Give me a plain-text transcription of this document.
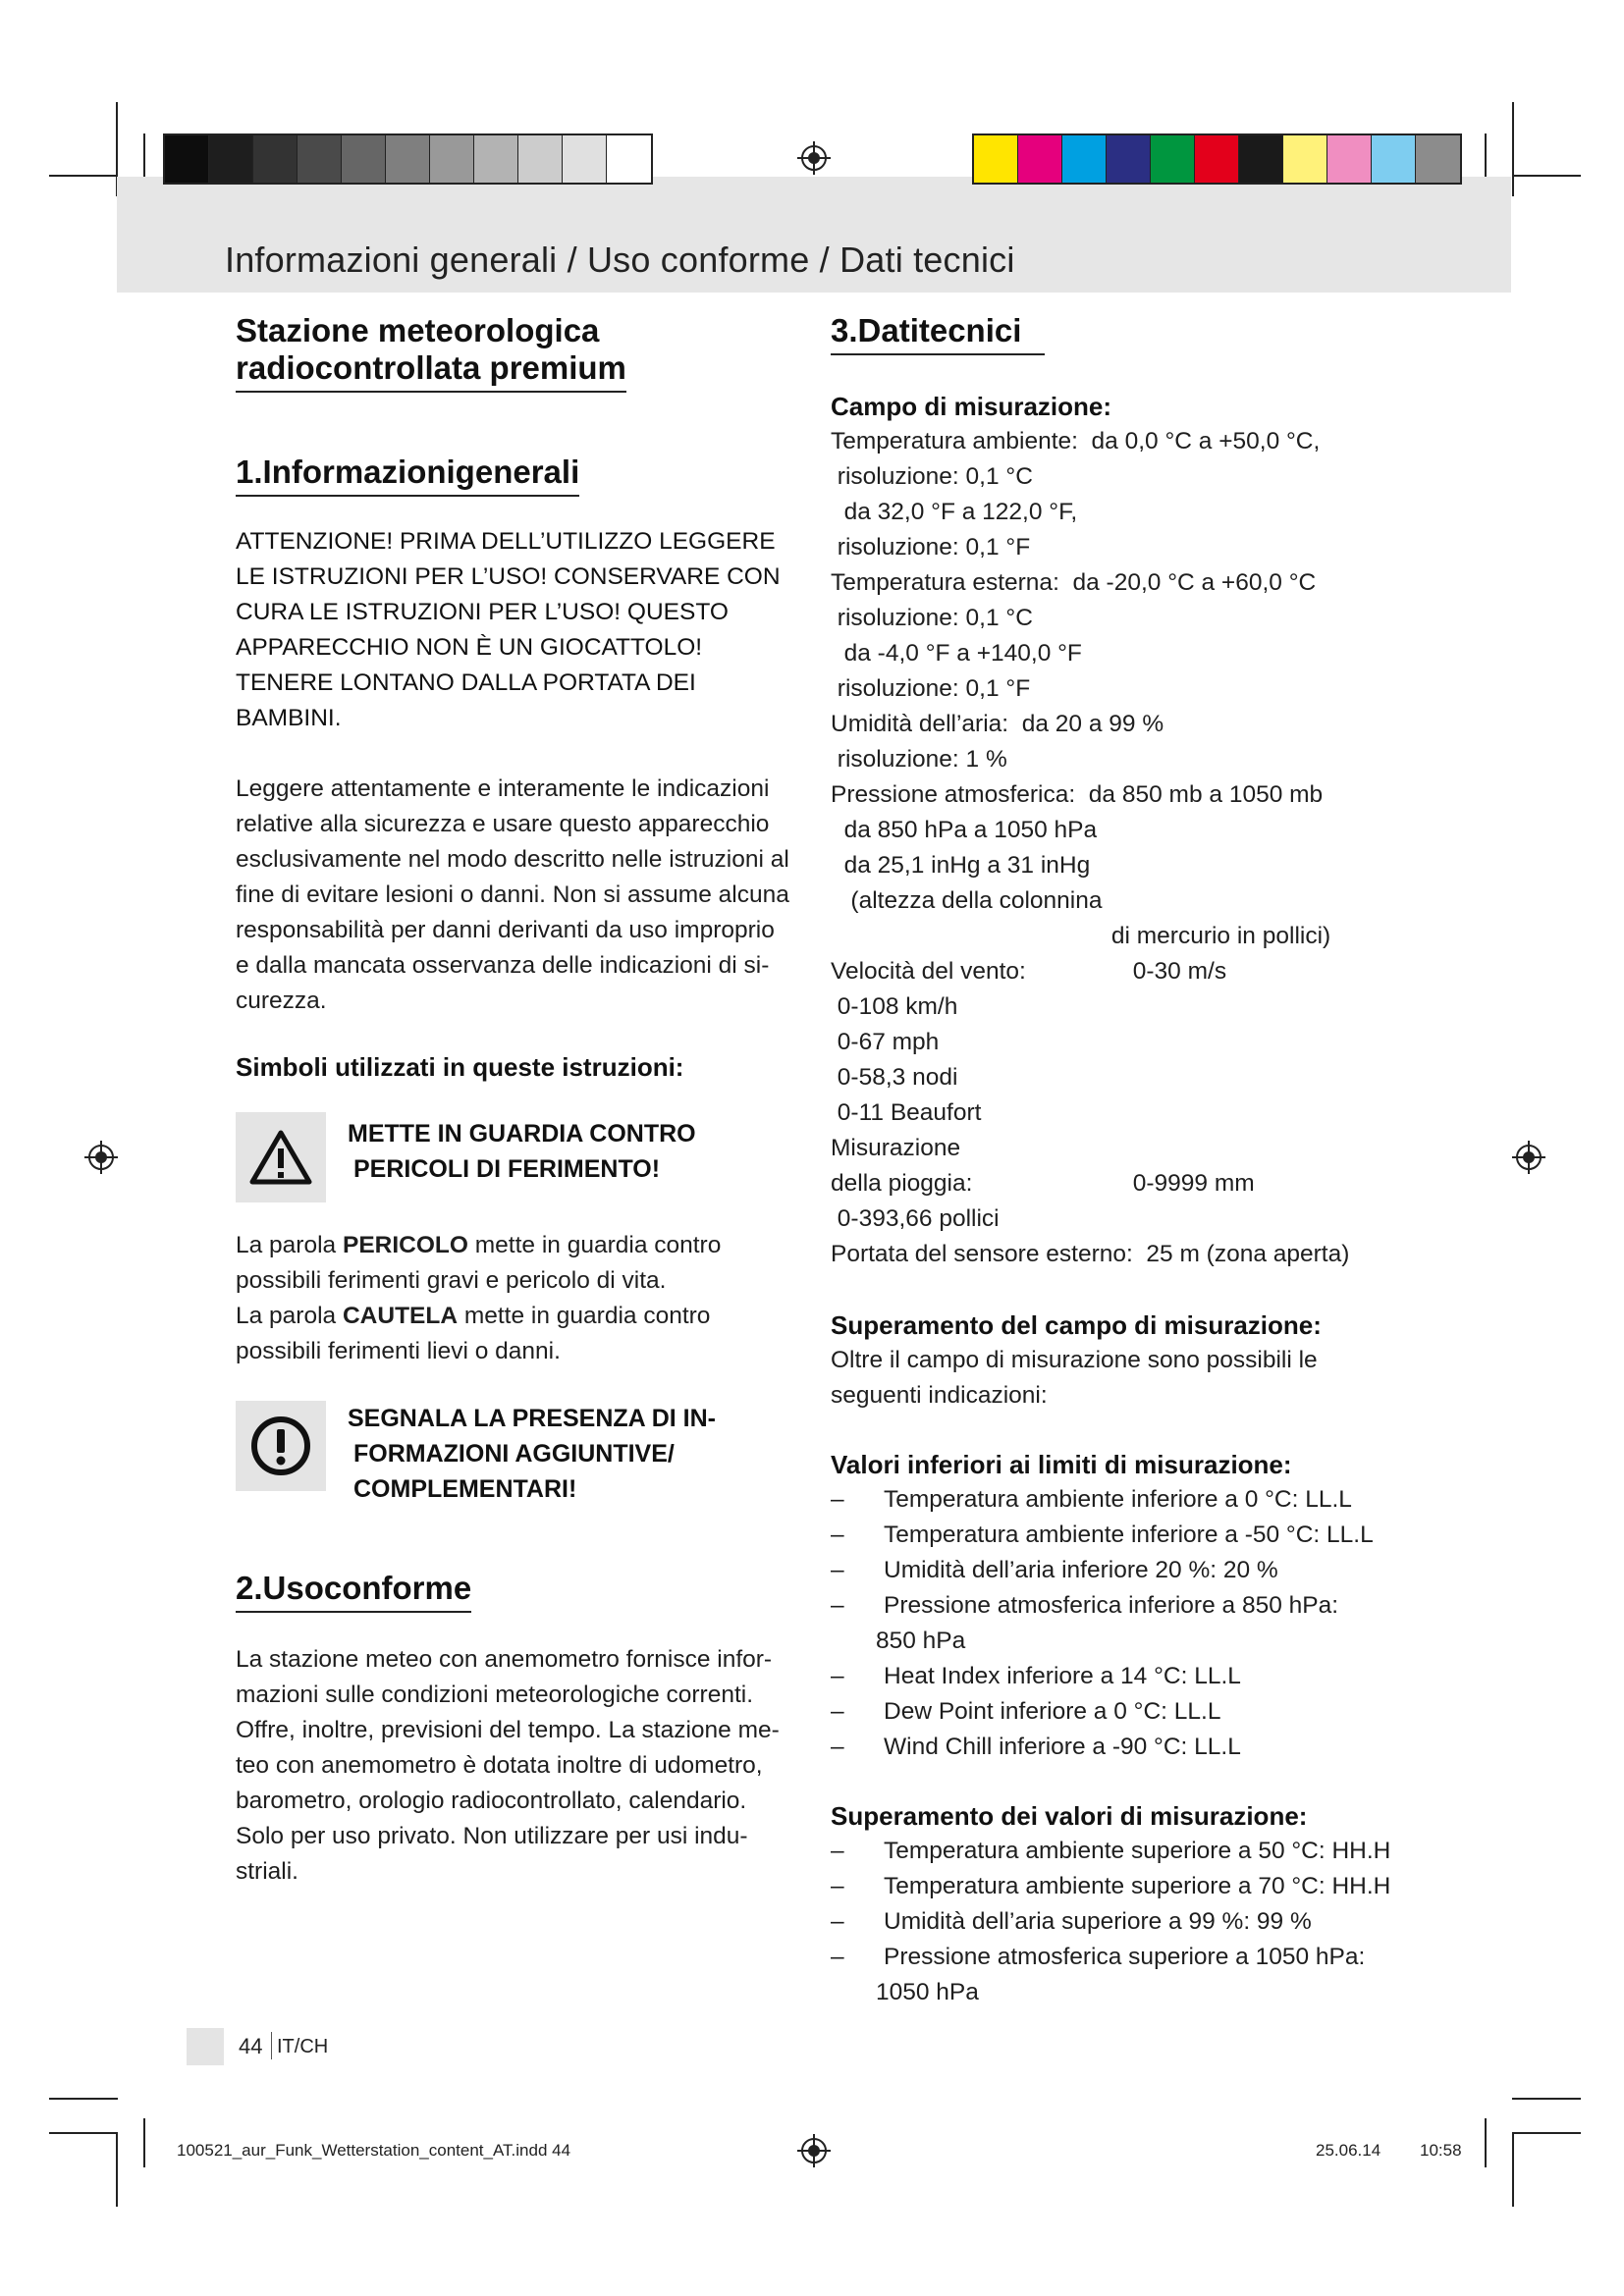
Informazioni generali / Uso conforme / Dati tecnici
Stazione meteorologica
radiocontrollata premium
1.Informazionigenerali
ATTENZIONE! PRIMA DELL’UTILIZZO LEGGERE
LE ISTRUZIONI PER L’USO! CONSERVARE CON
CURA LE ISTRUZIONI PER L’USO! QUESTO
APPARECCHIO NON È UN GIOCATTOLO!
TENERE LONTANO DALLA PORTATA DEI
BAMBINI.
Leggere attentamente e interamente le indicazioni
relative alla sicurezza e usare questo apparecchio
esclusivamente nel modo descritto nelle istruzioni al
fine di evitare lesioni o danni. Non si assume alcuna
responsabilità per danni derivanti da uso improprio
e dalla mancata osservanza delle indicazioni di si-
curezza.
Simboli utilizzati in queste istruzioni:
METTE IN GUARDIA CONTRO
PERICOLI DI FERIMENTO!
La parola PERICOLO mette in guardia contro
possibili ferimenti gravi e pericolo di vita.
La parola CAUTELA mette in guardia contro
possibili ferimenti lievi o danni.
SEGNALA LA PRESENZA DI IN-
FORMAZIONI AGGIUNTIVE/
COMPLEMENTARI!
2.Usoconforme
La stazione meteo con anemometro fornisce infor-
mazioni sulle condizioni meteorologiche correnti.
Offre, inoltre, previsioni del tempo. La stazione me-
teo con anemometro è dotata inoltre di udometro,
barometro, orologio radiocontrollato, calendario.
Solo per uso privato. Non utilizzare per usi indu-
striali.
3.Datitecnici
Campo di misurazione:
Temperatura ambiente:  da 0,0 °C a +50,0 °C,
risoluzione: 0,1 °C
da 32,0 °F a 122,0 °F,
risoluzione: 0,1 °F
Temperatura esterna:  da -20,0 °C a +60,0 °C
risoluzione: 0,1 °C
da -4,0 °F a +140,0 °F
risoluzione: 0,1 °F
Umidità dell’aria:  da 20 a 99 %
risoluzione: 1 %
Pressione atmosferica:  da 850 mb a 1050 mb
da 850 hPa a 1050 hPa
da 25,1 inHg a 31 inHg
(altezza della colonnina
di mercurio in pollici)
Velocità del vento:                0-30 m/s
0-108 km/h
0-67 mph
0-58,3 nodi
0-11 Beaufort
Misurazione
della pioggia:                        0-9999 mm
0-393,66 pollici
Portata del sensore esterno:  25 m (zona aperta)
Superamento del campo di misurazione:
Oltre il campo di misurazione sono possibili le
seguenti indicazioni:
Valori inferiori ai limiti di misurazione:
– Temperatura ambiente inferiore a 0 °C: LL.L
– Temperatura ambiente inferiore a -50 °C: LL.L
– Umidità dell’aria inferiore 20 %: 20 %
– Pressione atmosferica inferiore a 850 hPa:
850 hPa
– Heat Index inferiore a 14 °C: LL.L
– Dew Point inferiore a 0 °C: LL.L
– Wind Chill inferiore a -90 °C: LL.L
Superamento dei valori di misurazione:
– Temperatura ambiente superiore a 50 °C: HH.H
– Temperatura ambiente superiore a 70 °C: HH.H
– Umidità dell’aria superiore a 99 %: 99 %
– Pressione atmosferica superiore a 1050 hPa:
1050 hPa
44 IT/CH
100521_aur_Funk_Wetterstation_content_AT.indd 44	25.06.14 10:58
